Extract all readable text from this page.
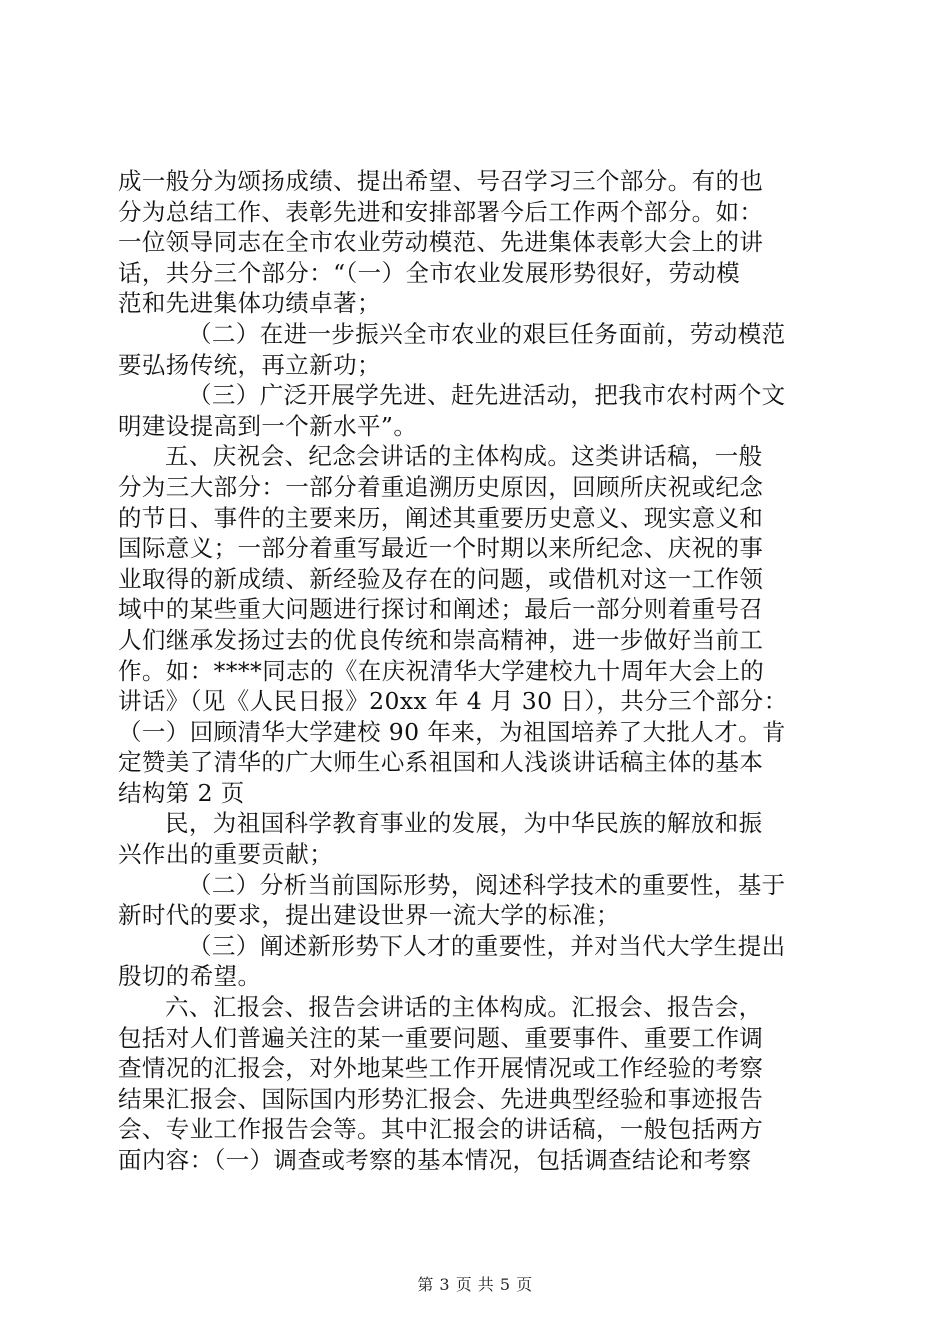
成一般分为颂扬成绩、提出希望、号召学习三个部分。有的也
分为总结工作、表彰先进和安排部署今后工作两个部分。如：
一位领导同志在全市农业劳动模范、先进集体表彰大会上的讲
话，共分三个部分：“（一）全市农业发展形势很好，劳动模
范和先进集体功绩卓著；
（二）在进一步振兴全市农业的艰巨任务面前，劳动模范
要弘扬传统，再立新功；
（三）广泛开展学先进、赶先进活动，把我市农村两个文
明建设提高到一个新水平”。
五、庆祝会、纪念会讲话的主体构成。这类讲话稿，一般
分为三大部分：一部分着重追溯历史原因，回顾所庆祝或纪念
的节日、事件的主要来历，阐述其重要历史意义、现实意义和
国际意义；一部分着重写最近一个时期以来所纪念、庆祝的事
业取得的新成绩、新经验及存在的问题，或借机对这一工作领
域中的某些重大问题进行探讨和阐述；最后一部分则着重号召
人们继承发扬过去的优良传统和崇高精神，进一步做好当前工
作。如：****同志的《在庆祝清华大学建校九十周年大会上的
讲话》（见《人民日报》20xx 年 4 月 30 日），共分三个部分：
（一）回顾清华大学建校 90 年来，为祖国培养了大批人才。肯
定赞美了清华的广大师生心系祖国和人浅谈讲话稿主体的基本
结构第 2 页
民，为祖国科学教育事业的发展，为中华民族的解放和振
兴作出的重要贡献；
（二）分析当前国际形势，阅述科学技术的重要性，基于
新时代的要求，提出建设世界一流大学的标准；
（三）阐述新形势下人才的重要性，并对当代大学生提出
殷切的希望。
六、汇报会、报告会讲话的主体构成。汇报会、报告会，
包括对人们普遍关注的某一重要问题、重要事件、重要工作调
查情况的汇报会，对外地某些工作开展情况或工作经验的考察
结果汇报会、国际国内形势汇报会、先进典型经验和事迹报告
会、专业工作报告会等。其中汇报会的讲话稿，一般包括两方
面内容：（一）调查或考察的基本情况，包括调查结论和考察
第 3 页 共 5 页
